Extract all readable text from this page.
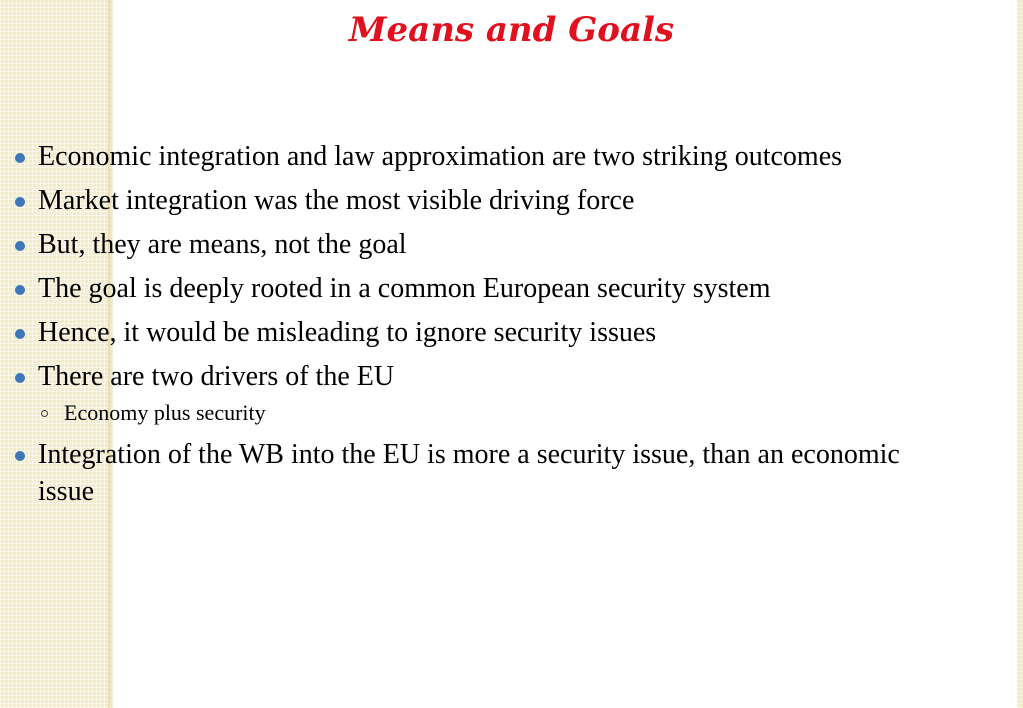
Means and Goals
Economic integration and law approximation are two striking outcomes
Market integration was the most visible driving force
But, they are means, not the goal
The goal is deeply rooted in a common European security system
Hence, it would be misleading to ignore security issues
There are two drivers of the EU
Economy plus security
Integration of the WB into the EU is more a security issue, than an economic issue
